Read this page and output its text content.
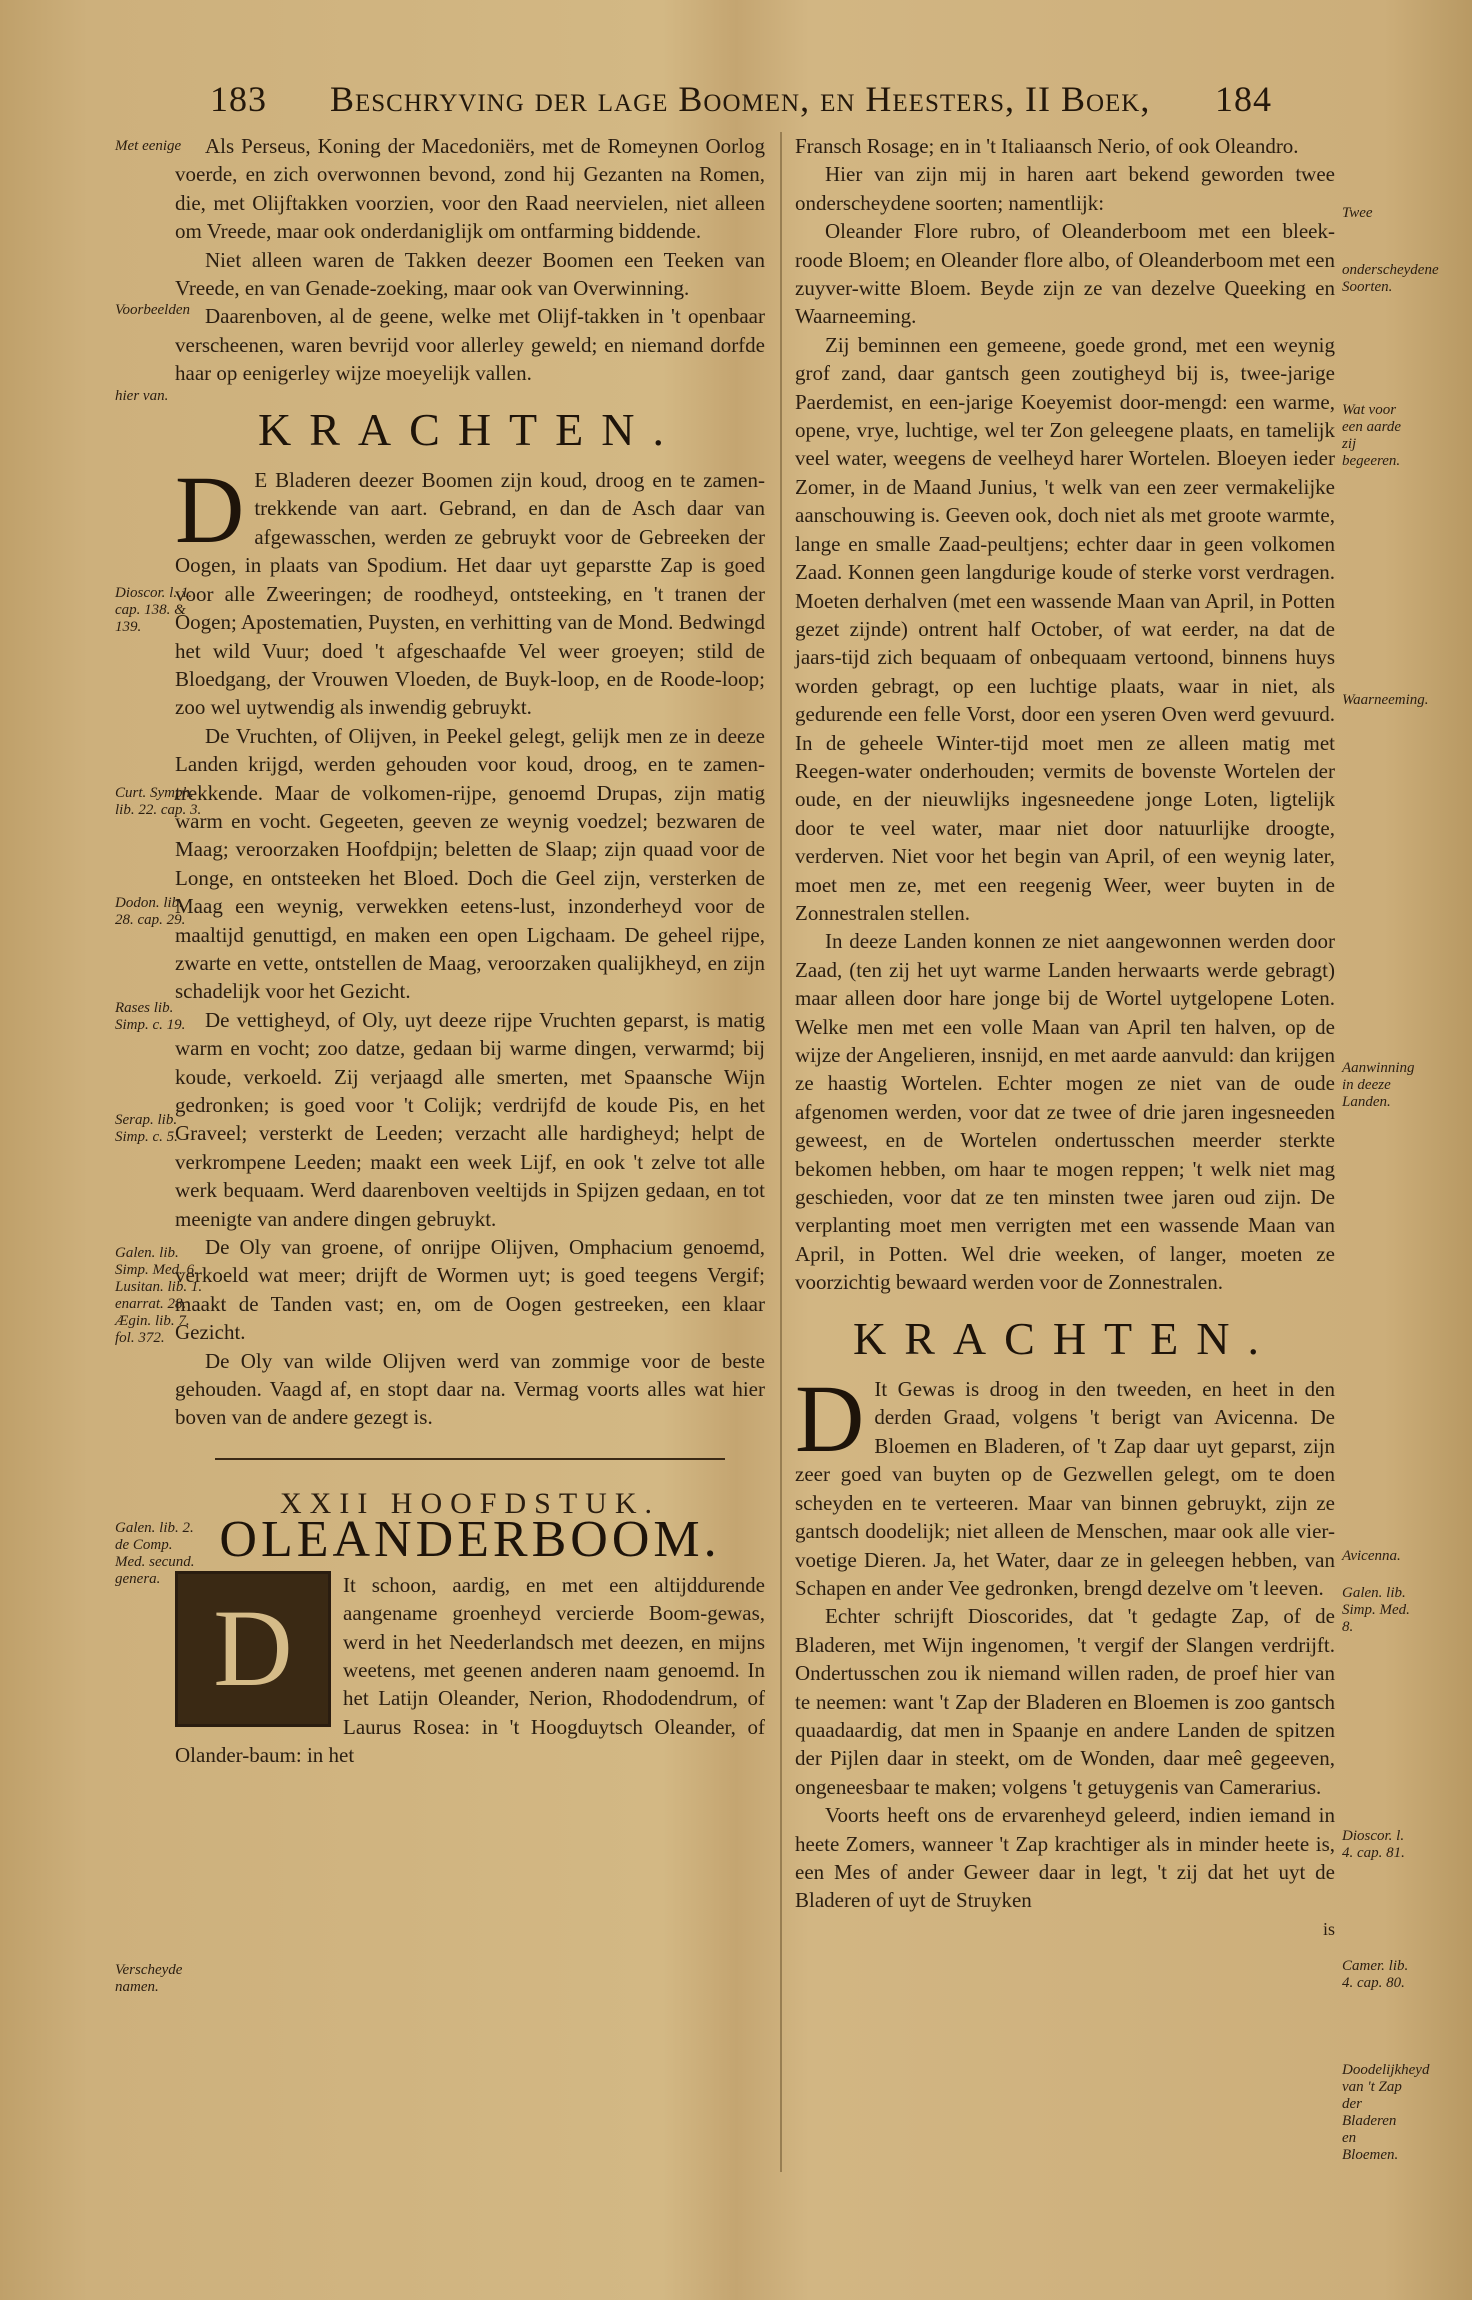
183 Beschryving der lage Boomen, en Heesters, II Boek, 184
Met eenige
Voorbeelden
hier van.
Dioscor. l. 1. cap. 138. & 139.
Curt. Symph. lib. 22. cap. 3.
Dodon. lib. 28. cap. 29.
Rases lib. Simp. c. 19.
Serap. lib. Simp. c. 5.
Galen. lib. Simp. Med. 6. Lusitan. lib. 1. enarrat. 28. Ægin. lib. 7. fol. 372.
Galen. lib. 2. de Comp. Med. secund. genera.
Verscheyde namen.

Als Perseus, Koning der Macedoniërs, met de Romeynen Oorlog voerde, en zich overwonnen bevond, zond hij Gezanten na Romen, die, met Olijftakken voorzien, voor den Raad neervielen, niet alleen om Vreede, maar ook onderdaniglijk om ontfarming biddende.

Niet alleen waren de Takken deezer Boomen een Teeken van Vreede, en van Genade-zoeking, maar ook van Overwinning.

Daarenboven, al de geene, welke met Olijf-takken in 't openbaar verscheenen, waren bevrijd voor allerley geweld; en niemand dorfde haar op eenigerley wijze moeyelijk vallen.

KRACHTEN.

D E Bladeren deezer Boomen zijn koud, droog en te zamen-trekkende van aart. Gebrand, en dan de Asch daar van afgewasschen, werden ze gebruykt voor de Gebreeken der Oogen, in plaats van Spodium. Het daar uyt geparstte Zap is goed voor alle Zweeringen; de roodheyd, ontsteeking, en 't tranen der Oogen; Apostematien, Puysten, en verhitting van de Mond. Bedwingd het wild Vuur; doed 't afgeschaafde Vel weer groeyen; stild de Bloedgang, der Vrouwen Vloeden, de Buyk-loop, en de Roode-loop; zoo wel uytwendig als inwendig gebruykt.

De Vruchten, of Olijven, in Peekel gelegt, gelijk men ze in deeze Landen krijgd, werden gehouden voor koud, droog, en te zamen-trekkende. Maar de volkomen-rijpe, genoemd Drupas, zijn matig warm en vocht. Gegeeten, geeven ze weynig voedzel; bezwaren de Maag; veroorzaken Hoofdpijn; beletten de Slaap; zijn quaad voor de Longe, en ontsteeken het Bloed. Doch die Geel zijn, versterken de Maag een weynig, verwekken eetens-lust, inzonderheyd voor de maaltijd genuttigd, en maken een open Ligchaam. De geheel rijpe, zwarte en vette, ontstellen de Maag, veroorzaken qualijkheyd, en zijn schadelijk voor het Gezicht.

De vettigheyd, of Oly, uyt deeze rijpe Vruchten geparst, is matig warm en vocht; zoo datze, gedaan bij warme dingen, verwarmd; bij koude, verkoeld. Zij verjaagd alle smerten, met Spaansche Wijn gedronken; is goed voor 't Colijk; verdrijfd de koude Pis, en het Graveel; versterkt de Leeden; verzacht alle hardigheyd; helpt de verkrompene Leeden; maakt een week Lijf, en ook 't zelve tot alle werk bequaam. Werd daarenboven veeltijds in Spijzen gedaan, en tot meenigte van andere dingen gebruykt.

De Oly van groene, of onrijpe Olijven, Omphacium genoemd, verkoeld wat meer; drijft de Wormen uyt; is goed teegens Vergif; maakt de Tanden vast; en, om de Oogen gestreeken, een klaar Gezicht.

De Oly van wilde Olijven werd van zommige voor de beste gehouden. Vaagd af, en stopt daar na. Vermag voorts alles wat hier boven van de andere gezegt is.

XXII HOOFDSTUK.
OLEANDERBOOM.

D
It schoon, aardig, en met een altijddurende aangename groenheyd vercierde Boom-gewas, werd in het Neederlandsch met deezen, en mijns weetens, met geenen anderen naam genoemd. In het Latijn Oleander, Nerion, Rhododendrum, of Laurus Rosea: in 't Hoogduytsch Oleander, of Olander-baum: in het

Twee
onderscheydene Soorten.
Wat voor een aarde zij begeeren.
Waarneeming.
Aanwinning in deeze Landen.
Avicenna.
Galen. lib. Simp. Med. 8.
Dioscor. l. 4. cap. 81.
Camer. lib. 4. cap. 80.
Doodelijkheyd van 't Zap der Bladeren en Bloemen.

Fransch Rosage; en in 't Italiaansch Nerio, of ook Oleandro.

Hier van zijn mij in haren aart bekend geworden twee onderscheydene soorten; namentlijk:

Oleander Flore rubro, of Oleanderboom met een bleek-roode Bloem; en Oleander flore albo, of Oleanderboom met een zuyver-witte Bloem. Beyde zijn ze van dezelve Queeking en Waarneeming.

Zij beminnen een gemeene, goede grond, met een weynig grof zand, daar gantsch geen zoutigheyd bij is, twee-jarige Paerdemist, en een-jarige Koeyemist door-mengd: een warme, opene, vrye, luchtige, wel ter Zon geleegene plaats, en tamelijk veel water, weegens de veelheyd harer Wortelen. Bloeyen ieder Zomer, in de Maand Junius, 't welk van een zeer vermakelijke aanschouwing is. Geeven ook, doch niet als met groote warmte, lange en smalle Zaad-peultjens; echter daar in geen volkomen Zaad. Konnen geen langdurige koude of sterke vorst verdragen. Moeten derhalven (met een wassende Maan van April, in Potten gezet zijnde) ontrent half October, of wat eerder, na dat de jaars-tijd zich bequaam of onbequaam vertoond, binnens huys worden gebragt, op een luchtige plaats, waar in niet, als gedurende een felle Vorst, door een yseren Oven werd gevuurd. In de geheele Winter-tijd moet men ze alleen matig met Reegen-water onderhouden; vermits de bovenste Wortelen der oude, en der nieuwlijks ingesneedene jonge Loten, ligtelijk door te veel water, maar niet door natuurlijke droogte, verderven. Niet voor het begin van April, of een weynig later, moet men ze, met een reegenig Weer, weer buyten in de Zonnestralen stellen.

In deeze Landen konnen ze niet aangewonnen werden door Zaad, (ten zij het uyt warme Landen herwaarts werde gebragt) maar alleen door hare jonge bij de Wortel uytgelopene Loten. Welke men met een volle Maan van April ten halven, op de wijze der Angelieren, insnijd, en met aarde aanvuld: dan krijgen ze haastig Wortelen. Echter mogen ze niet van de oude afgenomen werden, voor dat ze twee of drie jaren ingesneeden geweest, en de Wortelen ondertusschen meerder sterkte bekomen hebben, om haar te mogen reppen; 't welk niet mag geschieden, voor dat ze ten minsten twee jaren oud zijn. De verplanting moet men verrigten met een wassende Maan van April, in Potten. Wel drie weeken, of langer, moeten ze voorzichtig bewaard werden voor de Zonnestralen.

KRACHTEN.

D It Gewas is droog in den tweeden, en heet in den derden Graad, volgens 't berigt van Avicenna. De Bloemen en Bladeren, of 't Zap daar uyt geparst, zijn zeer goed van buyten op de Gezwellen gelegt, om te doen scheyden en te verteeren. Maar van binnen gebruykt, zijn ze gantsch doodelijk; niet alleen de Menschen, maar ook alle vier-voetige Dieren. Ja, het Water, daar ze in geleegen hebben, van Schapen en ander Vee gedronken, brengd dezelve om 't leeven.

Echter schrijft Dioscorides, dat 't gedagte Zap, of de Bladeren, met Wijn ingenomen, 't vergif der Slangen verdrijft. Ondertusschen zou ik niemand willen raden, de proef hier van te neemen: want 't Zap der Bladeren en Bloemen is zoo gantsch quaadaardig, dat men in Spaanje en andere Landen de spitzen der Pijlen daar in steekt, om de Wonden, daar meê gegeeven, ongeneesbaar te maken; volgens 't getuygenis van Camerarius.

Voorts heeft ons de ervarenheyd geleerd, indien iemand in heete Zomers, wanneer 't Zap krachtiger als in minder heete is, een Mes of ander Geweer daar in legt, 't zij dat het uyt de Bladeren of uyt de Struyken

is
